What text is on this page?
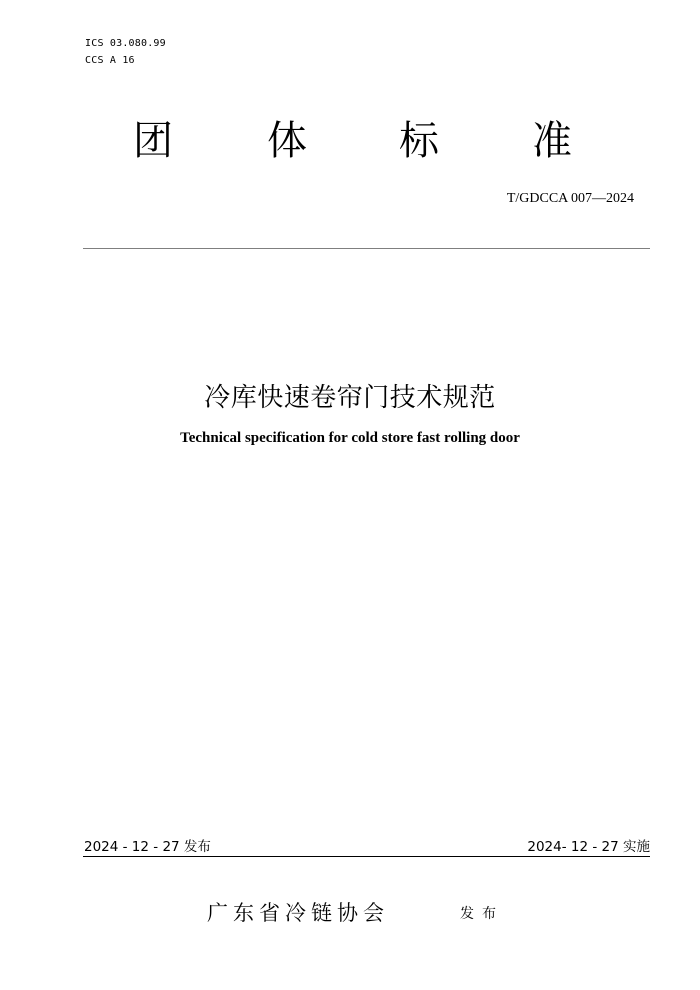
ICS 03.080.99
CCS A 16
团 体 标 准
T/GDCCA 007—2024
冷库快速卷帘门技术规范
Technical specification for cold store fast rolling door
2024 - 12 - 27 发布	2024- 12 - 27 实施
广东省冷链协会	发布
